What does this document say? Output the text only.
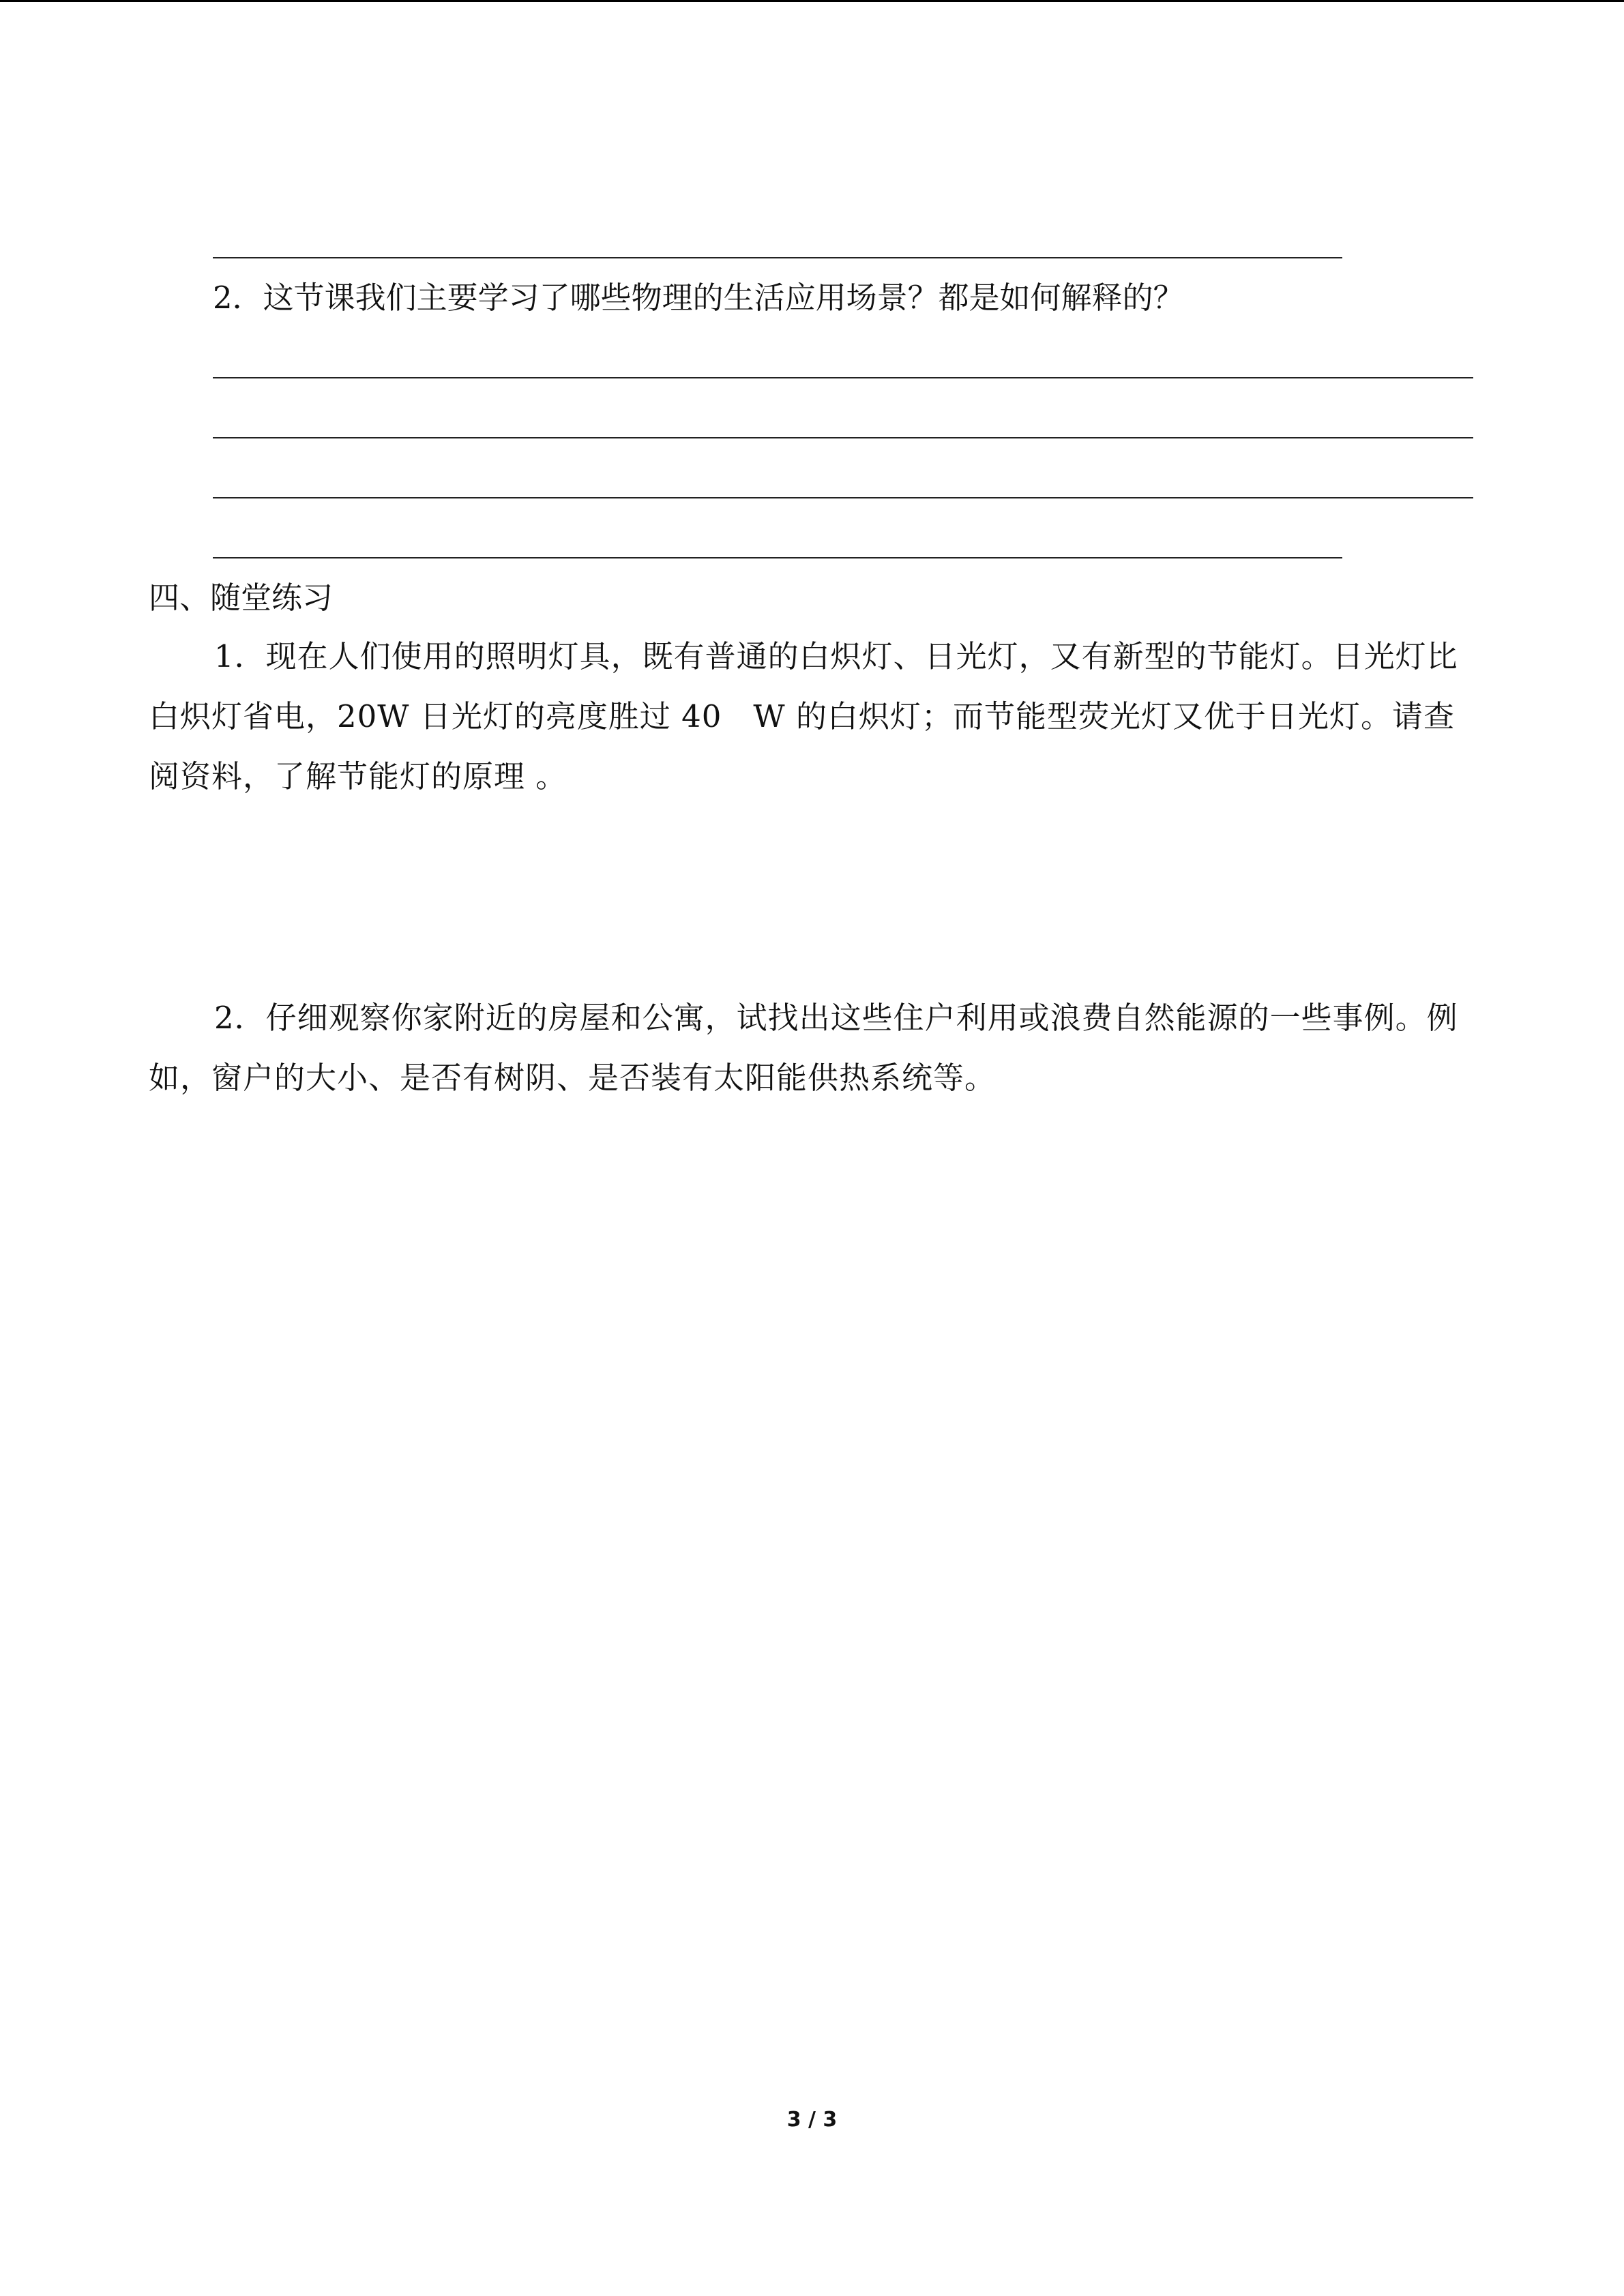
2．这节课我们主要学习了哪些物理的生活应用场景？都是如何解释的？
四、随堂练习
1．现在人们使用的照明灯具，既有普通的白炽灯、日光灯，又有新型的节能灯。日光灯比白炽灯省电，20W 日光灯的亮度胜过 40　W 的白炽灯；而节能型荧光灯又优于日光灯。请查阅资料，了解节能灯的原理 。
2．仔细观察你家附近的房屋和公寓，试找出这些住户利用或浪费自然能源的一些事例。例如，窗户的大小、是否有树阴、是否装有太阳能供热系统等。
3 / 3
